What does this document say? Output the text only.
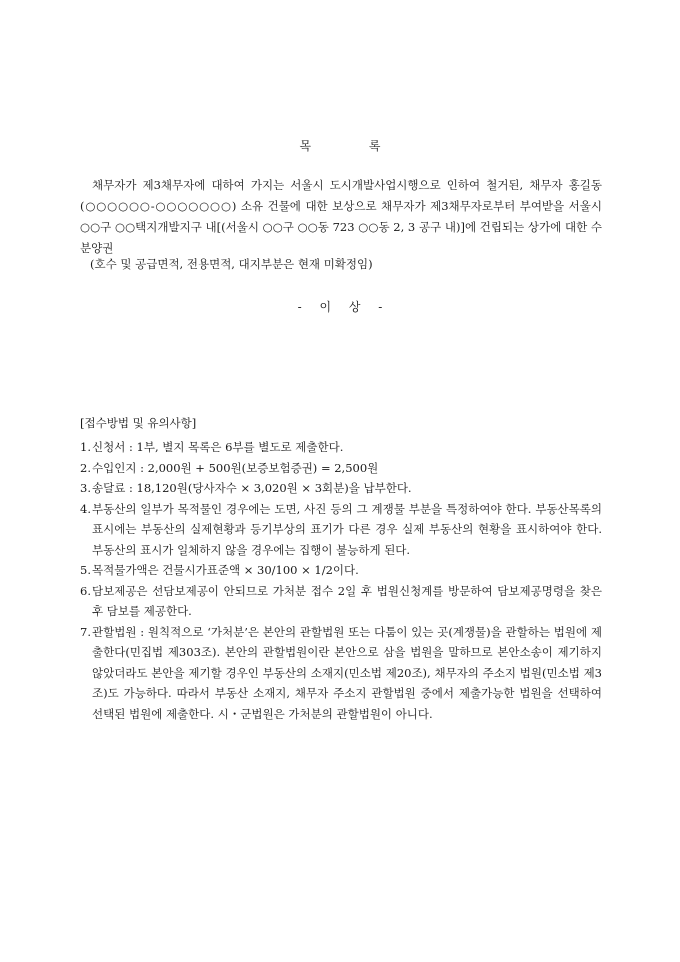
목 록

채무자가 제3채무자에 대하여 가지는 서울시 도시개발사업시행으로 인하여 철거된, 채무자 홍길동 (○○○○○○-○○○○○○○) 소유 건물에 대한 보상으로 채무자가 제3채무자로부터 부여받을 서울시 ○○구 ○○택지개발지구 내[(서울시 ○○구 ○○동 723 ○○동 2, 3 공구 내)]에 건립되는 상가에 대한 수분양권

(호수 및 공급면적, 전용면적, 대지부분은 현재 미확정임)

- 이 상 -

[접수방법 및 유의사항]

1. 신청서 : 1부, 별지 목록은 6부를 별도로 제출한다.
2. 수입인지 : 2,000원 + 500원(보증보험증권) = 2,500원
3. 송달료 : 18,120원(당사자수 × 3,020원 × 3회분)을 납부한다.
4. 부동산의 일부가 목적물인 경우에는 도면, 사진 등의 그 계쟁물 부분을 특정하여야 한다. 부동산목록의 표시에는 부동산의 실제현황과 등기부상의 표기가 다른 경우 실제 부동산의 현황을 표시하여야 한다. 부동산의 표시가 일체하지 않을 경우에는 집행이 불능하게 된다.
5. 목적물가액은 건물시가표준액 × 30/100 × 1/2이다.
6. 담보제공은 선담보제공이 안되므로 가처분 접수 2일 후 법원신청계를 방문하여 담보제공명령을 찾은 후 담보를 제공한다.
7. 관할법원 : 원칙적으로 ‘가처분’은 본안의 관할법원 또는 다툼이 있는 곳(계쟁물)을 관할하는 법원에 제출한다(민집법 제303조). 본안의 관할법원이란 본안으로 삼을 법원을 말하므로 본안소송이 제기하지 않았더라도 본안을 제기할 경우인 부동산의 소재지(민소법 제20조), 채무자의 주소지 법원(민소법 제3조)도 가능하다. 따라서 부동산 소재지, 채무자 주소지 관할법원 중에서 제출가능한 법원을 선택하여 선택된 법원에 제출한다. 시・군법원은 가처분의 관할법원이 아니다.
